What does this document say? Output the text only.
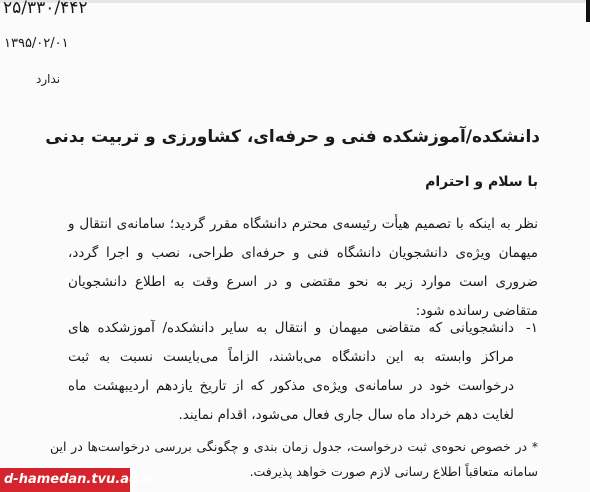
۲۵/۳۳۰/۴۴۲
۱۳۹۵/۰۲/۰۱
ندارد
دانشکده/آموزشکده فنی و حرفه‌ای، کشاورزی و تربیت بدنی
با سلام و احترام
نظر به اینکه با تصمیم هیأت رئیسه‌ی محترم دانشگاه مقرر گردید؛ سامانه‌ی انتقال و میهمان ویژه‌ی دانشجویان دانشگاه فنی و حرفه‌ای طراحی، نصب و اجرا گردد، ضروری است موارد زیر به نحو مقتضی و در اسرع وقت به اطلاع دانشجویان متقاضی رسانده شود:
۱-
دانشجویانی که متقاضی میهمان و انتقال به سایر دانشکده/ آموزشکده های مراکز وابسته به این دانشگاه می‌باشند، الزاماً می‌بایست نسبت به ثبت درخواست خود در سامانه‌ی ویژه‌ی مذکور که از تاریخ یازدهم اردیبهشت ماه لغایت دهم خرداد ماه سال جاری فعال می‌شود، اقدام نمایند.
* در خصوص نحوه‌ی ثبت درخواست، جدول زمان بندی و چگونگی بررسی درخواست‌ها در این سامانه متعاقباً اطلاع رسانی لازم صورت خواهد پذیرفت.
d-hamedan.tvu.ac.ir
